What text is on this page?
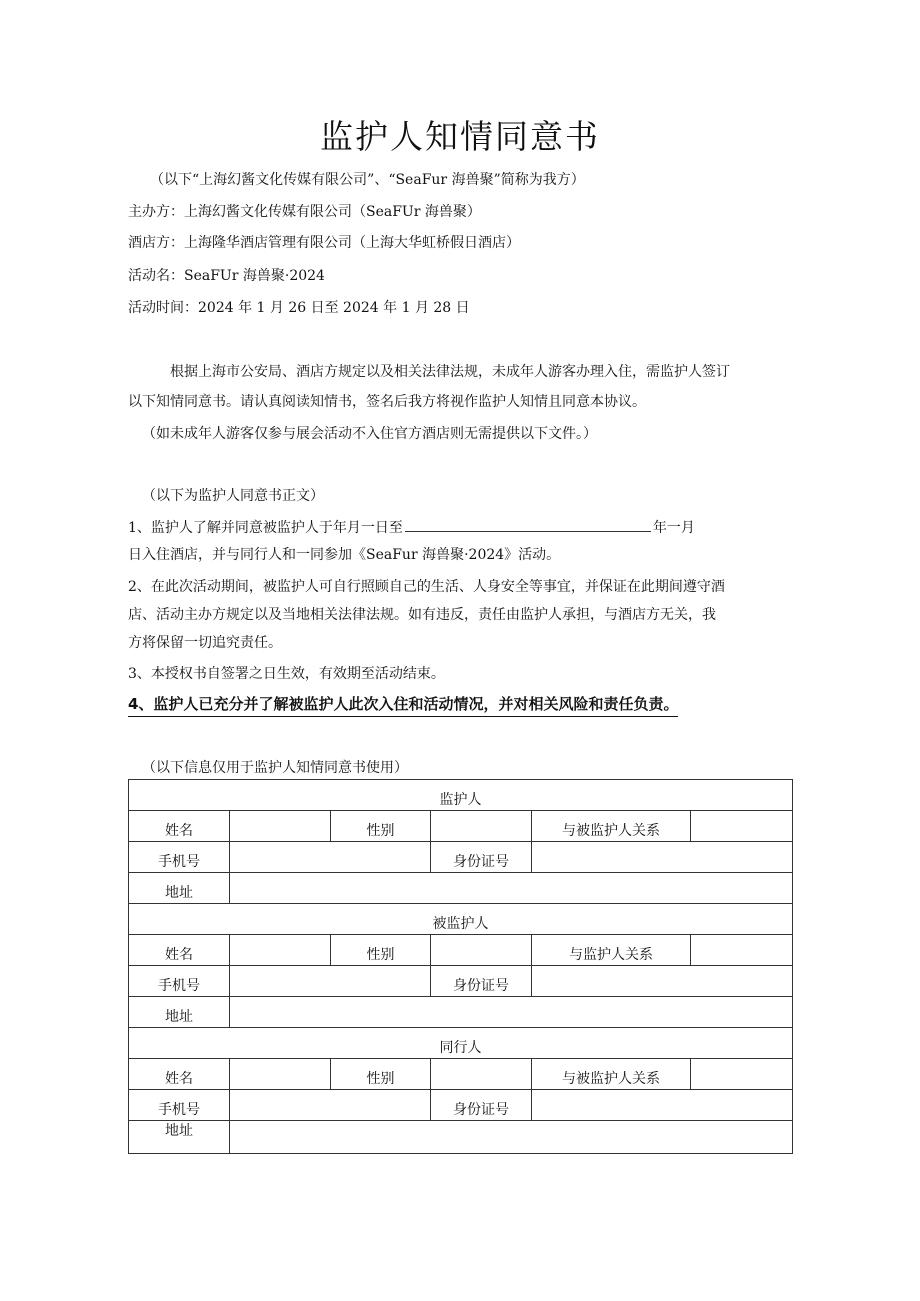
监护人知情同意书
（以下“上海幻酱文化传媒有限公司”、“SeaFur 海兽聚”简称为我方）
主办方：上海幻酱文化传媒有限公司（SeaFUr 海兽聚）
酒店方：上海隆华酒店管理有限公司（上海大华虹桥假日酒店）
活动名：SeaFUr 海兽聚·2024
活动时间：2024 年 1 月 26 日至 2024 年 1 月 28 日
根据上海市公安局、酒店方规定以及相关法律法规，未成年人游客办理入住，需监护人签订
以下知情同意书。请认真阅读知情书，签名后我方将视作监护人知情且同意本协议。
（如未成年人游客仅参与展会活动不入住官方酒店则无需提供以下文件。）
（以下为监护人同意书正文）
1、监护人了解并同意被监护人于年月一日至	年一月
日入住酒店，并与同行人和一同参加《SeaFur 海兽聚·2024》活动。
2、在此次活动期间，被监护人可自行照顾自己的生活、人身安全等事宜，并保证在此期间遵守酒
店、活动主办方规定以及当地相关法律法规。如有违反，责任由监护人承担，与酒店方无关，我
方将保留一切追究责任。
3、本授权书自签署之日生效，有效期至活动结束。
4、监护人已充分并了解被监护人此次入住和活动情况，并对相关风险和责任负责。
（以下信息仅用于监护人知情同意书使用）
监护人					
姓名		性别		与被监护人关系	
手机号			身份证号		
地址					
被监护人					
姓名		性别		与监护人关系	
手机号			身份证号		
地址					
同行人					
姓名		性别		与被监护人关系	
手机号			身份证号		
地址					
